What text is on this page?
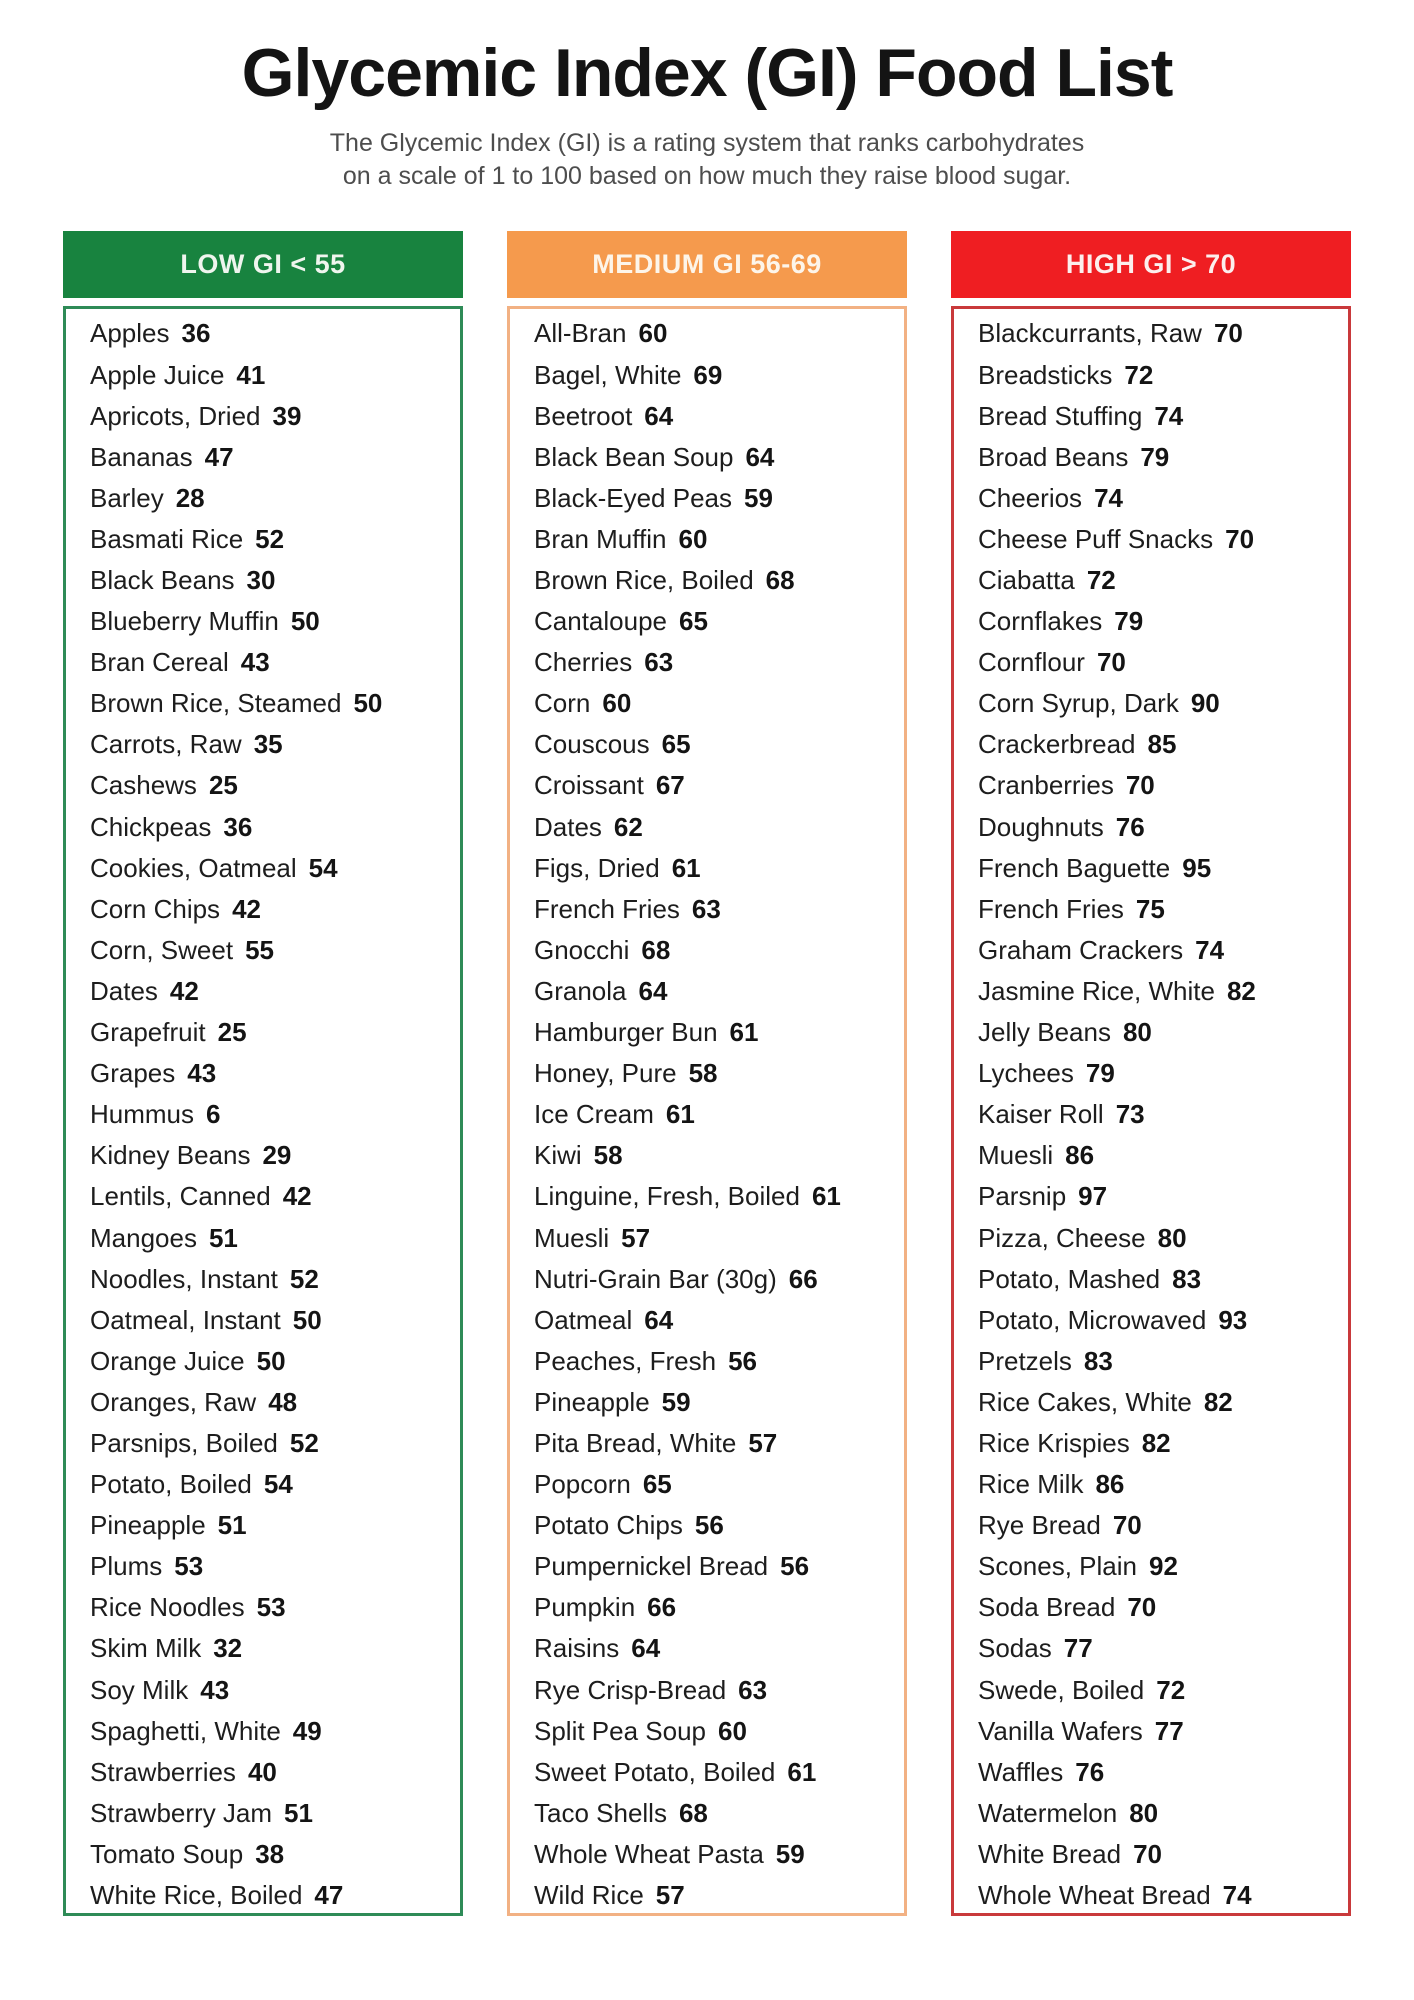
Glycemic Index (GI) Food List

The Glycemic Index (GI) is a rating system that ranks carbohydrates
on a scale of 1 to 100 based on how much they raise blood sugar.

LOW GI < 55
Apples 36
Apple Juice 41
Apricots, Dried 39
Bananas 47
Barley 28
Basmati Rice 52
Black Beans 30
Blueberry Muffin 50
Bran Cereal 43
Brown Rice, Steamed 50
Carrots, Raw 35
Cashews 25
Chickpeas 36
Cookies, Oatmeal 54
Corn Chips 42
Corn, Sweet 55
Dates 42
Grapefruit 25
Grapes 43
Hummus 6
Kidney Beans 29
Lentils, Canned 42
Mangoes 51
Noodles, Instant 52
Oatmeal, Instant 50
Orange Juice 50
Oranges, Raw 48
Parsnips, Boiled 52
Potato, Boiled 54
Pineapple 51
Plums 53
Rice Noodles 53
Skim Milk 32
Soy Milk 43
Spaghetti, White 49
Strawberries 40
Strawberry Jam 51
Tomato Soup 38
White Rice, Boiled 47
MEDIUM GI 56-69
All-Bran 60
Bagel, White 69
Beetroot 64
Black Bean Soup 64
Black-Eyed Peas 59
Bran Muffin 60
Brown Rice, Boiled 68
Cantaloupe 65
Cherries 63
Corn 60
Couscous 65
Croissant 67
Dates 62
Figs, Dried 61
French Fries 63
Gnocchi 68
Granola 64
Hamburger Bun 61
Honey, Pure 58
Ice Cream 61
Kiwi 58
Linguine, Fresh, Boiled 61
Muesli 57
Nutri-Grain Bar (30g) 66
Oatmeal 64
Peaches, Fresh 56
Pineapple 59
Pita Bread, White 57
Popcorn 65
Potato Chips 56
Pumpernickel Bread 56
Pumpkin 66
Raisins 64
Rye Crisp-Bread 63
Split Pea Soup 60
Sweet Potato, Boiled 61
Taco Shells 68
Whole Wheat Pasta 59
Wild Rice 57
HIGH GI > 70
Blackcurrants, Raw 70
Breadsticks 72
Bread Stuffing 74
Broad Beans 79
Cheerios 74
Cheese Puff Snacks 70
Ciabatta 72
Cornflakes 79
Cornflour 70
Corn Syrup, Dark 90
Crackerbread 85
Cranberries 70
Doughnuts 76
French Baguette 95
French Fries 75
Graham Crackers 74
Jasmine Rice, White 82
Jelly Beans 80
Lychees 79
Kaiser Roll 73
Muesli 86
Parsnip 97
Pizza, Cheese 80
Potato, Mashed 83
Potato, Microwaved 93
Pretzels 83
Rice Cakes, White 82
Rice Krispies 82
Rice Milk 86
Rye Bread 70
Scones, Plain 92
Soda Bread 70
Sodas 77
Swede, Boiled 72
Vanilla Wafers 77
Waffles 76
Watermelon 80
White Bread 70
Whole Wheat Bread 74
